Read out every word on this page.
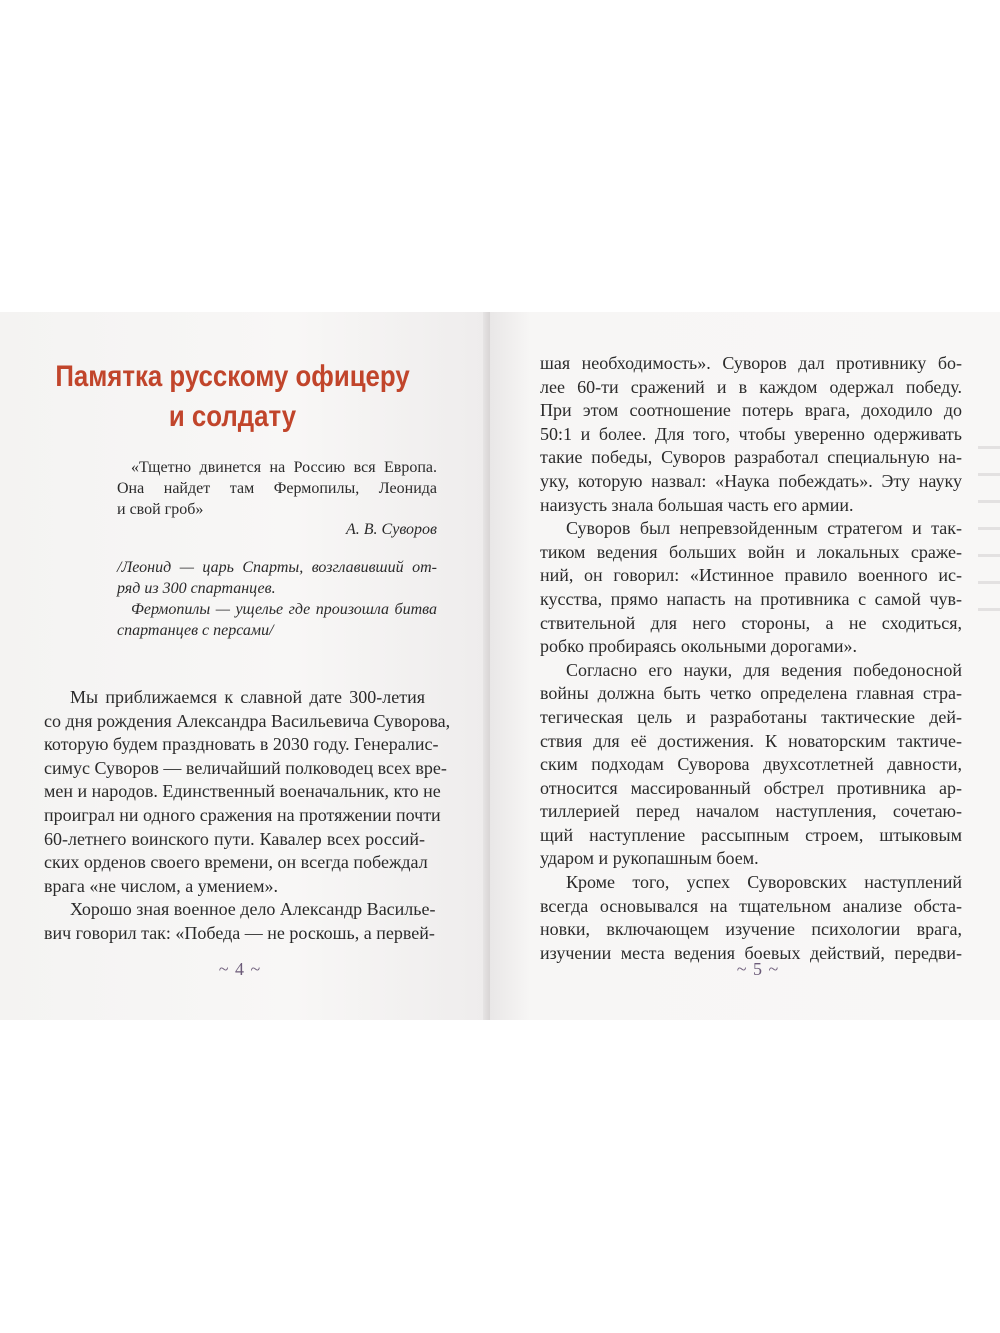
Памятка русскому офицеру
и солдату
«Тщетно двинется на Россию вся Европа.
Она найдет там Фермопилы, Леонида
и свой гроб»
А. В. Суворов
/Леонид — царь Спарты, возглавивший от-
ряд из 300 спартанцев.
Фермопилы — ущелье где произошла битва
спартанцев с персами/
Мы приближаемся к славной дате 300-летия
со дня рождения Александра Васильевича Суворова,
которую будем праздновать в 2030 году. Генералис-
симус Суворов — величайший полководец всех вре-
мен и народов. Единственный военачальник, кто не
проиграл ни одного сражения на протяжении почти
60-летнего воинского пути. Кавалер всех россий-
ских орденов своего времени, он всегда побеждал
врага «не числом, а умением».
Хорошо зная военное дело Александр Василье-
вич говорил так: «Победа — не роскошь, а первей-
~ 4 ~
шая необходимость». Суворов дал противнику бо-
лее 60-ти сражений и в каждом одержал победу.
При этом соотношение потерь врага, доходило до
50:1 и более. Для того, чтобы уверенно одерживать
такие победы, Суворов разработал специальную на-
уку, которую назвал: «Наука побеждать». Эту науку
наизусть знала большая часть его армии.
Суворов был непревзойденным стратегом и так-
тиком ведения больших войн и локальных сраже-
ний, он говорил: «Истинное правило военного ис-
кусства, прямо напасть на противника с самой чув-
ствительной для него стороны, а не сходиться,
робко пробираясь окольными дорогами».
Согласно его науки, для ведения победоносной
войны должна быть четко определена главная стра-
тегическая цель и разработаны тактические дей-
ствия для её достижения. К новаторским тактиче-
ским подходам Суворова двухсотлетней давности,
относится массированный обстрел противника ар-
тиллерией перед началом наступления, сочетаю-
щий наступление рассыпным строем, штыковым
ударом и рукопашным боем.
Кроме того, успех Суворовских наступлений
всегда основывался на тщательном анализе обста-
новки, включающем изучение психологии врага,
изучении места ведения боевых действий, передви-
~ 5 ~
